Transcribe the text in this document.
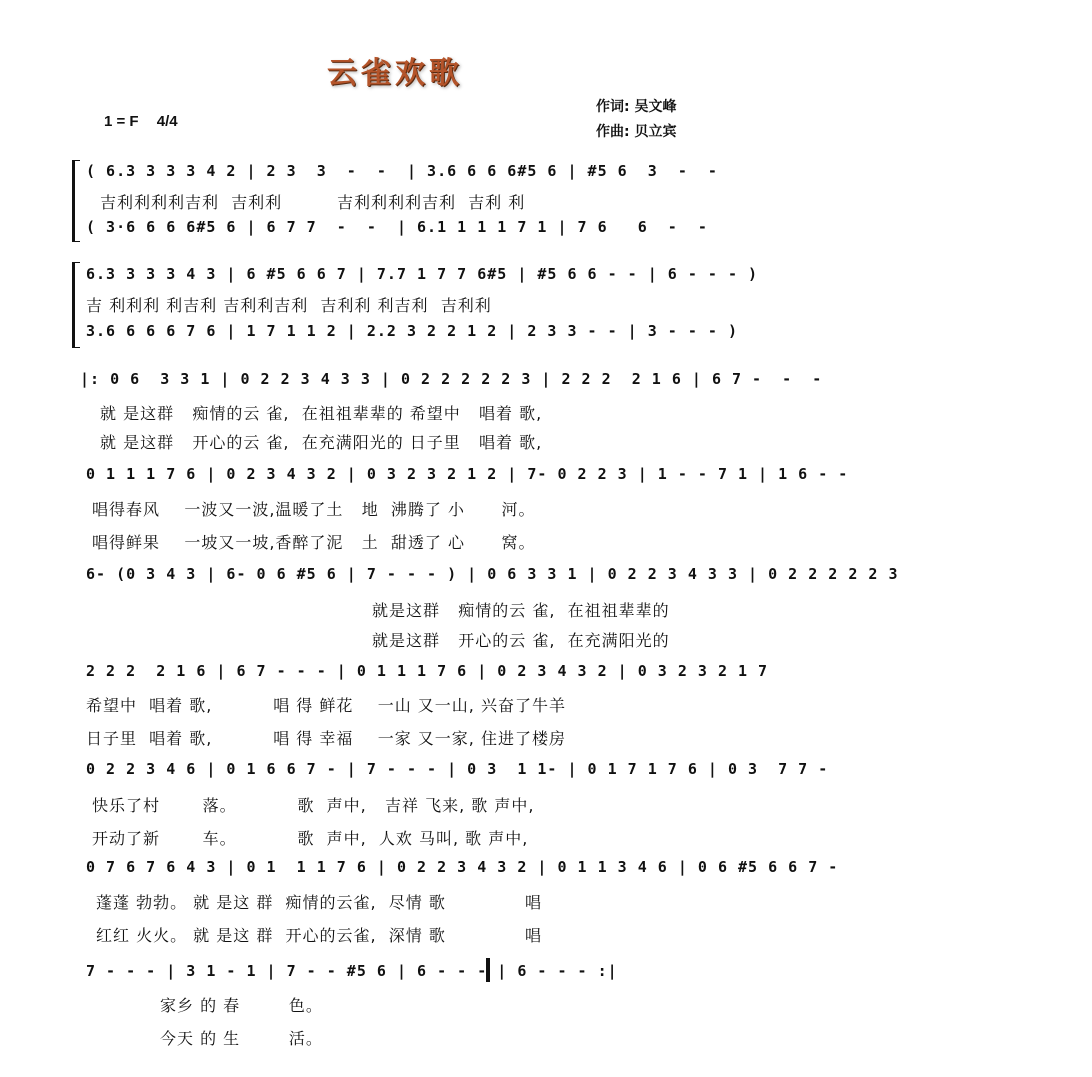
云雀欢歌
1 = F 4/4
作词: 吴文峰
作曲: 贝立宾
( 6.3 3 3 3 4 2 | 2 3  3  -  -  | 3.6 6 6 6#5 6 | #5 6  3  -  -
吉利利利利吉利  吉利利         吉利利利利吉利  吉利 利
( 3·6 6 6 6#5 6 | 6 7 7  -  -  | 6.1 1 1 1 7 1 | 7 6   6  -  -
6.3 3 3 3 4 3 | 6 #5 6 6 7 | 7.7 1 7 7 6#5 | #5 6 6 - - | 6 - - - )
吉 利利利 利吉利 吉利利吉利  吉利利 利吉利  吉利利
3.6 6 6 6 7 6 | 1 7 1 1 2 | 2.2 3 2 2 1 2 | 2 3 3 - - | 3 - - - )
|: 0 6  3 3 1 | 0 2 2 3 4 3 3 | 0 2 2 2 2 2 3 | 2 2 2  2 1 6 | 6 7 -  -  -
就 是这群   痴情的云 雀,  在祖祖辈辈的 希望中   唱着 歌,
就 是这群   开心的云 雀,  在充满阳光的 日子里   唱着 歌,
0 1 1 1 7 6 | 0 2 3 4 3 2 | 0 3 2 3 2 1 2 | 7- 0 2 2 3 | 1 - - 7 1 | 1 6 - -
唱得春风    一波又一波,温暖了土   地  沸腾了 小      河。
唱得鲜果    一坡又一坡,香醉了泥   土  甜透了 心      窝。
6- (0 3 4 3 | 6- 0 6 #5 6 | 7 - - - ) | 0 6 3 3 1 | 0 2 2 3 4 3 3 | 0 2 2 2 2 2 3
就是这群   痴情的云 雀,  在祖祖辈辈的
就是这群   开心的云 雀,  在充满阳光的
2 2 2  2 1 6 | 6 7 - - - | 0 1 1 1 7 6 | 0 2 3 4 3 2 | 0 3 2 3 2 1 7
希望中  唱着 歌,          唱 得 鲜花    一山 又一山, 兴奋了牛羊
日子里  唱着 歌,          唱 得 幸福    一家 又一家, 住进了楼房
0 2 2 3 4 6 | 0 1 6 6 7 - | 7 - - - | 0 3  1 1- | 0 1 7 1 7 6 | 0 3  7 7 -
快乐了村       落。          歌  声中,   吉祥 飞来, 歌 声中,
开动了新       车。          歌  声中,  人欢 马叫, 歌 声中,
0 7 6 7 6 4 3 | 0 1  1 1 7 6 | 0 2 2 3 4 3 2 | 0 1 1 3 4 6 | 0 6 #5 6 6 7 -
蓬蓬 勃勃。 就 是这 群  痴情的云雀,  尽情 歌             唱
红红 火火。 就 是这 群  开心的云雀,  深情 歌             唱
7 - - - | 3 1 - 1 | 7 - - #5 6 | 6 - - - | 6 - - - :|
家乡 的 春        色。
今天 的 生        活。
